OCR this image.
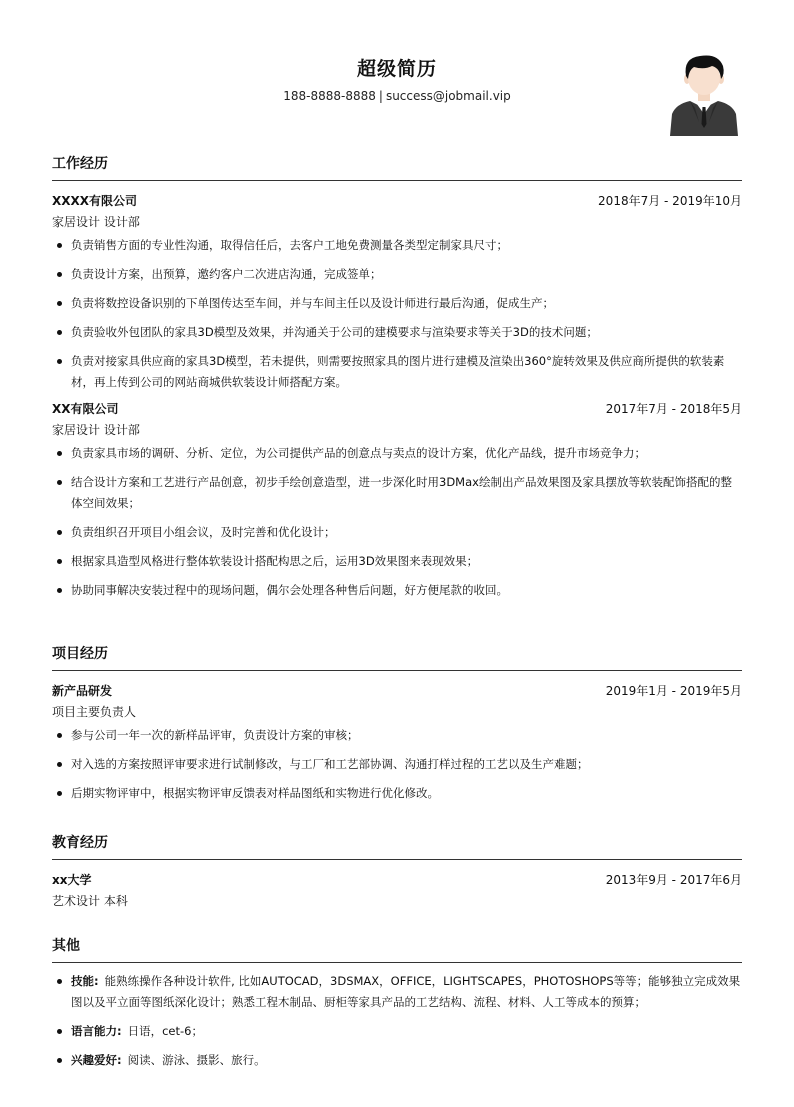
超级简历
188-8888-8888 | success@jobmail.vip
工作经历
XXXX有限公司	2018年7月 - 2019年10月
家居设计 设计部
负责销售方面的专业性沟通，取得信任后，去客户工地免费测量各类型定制家具尺寸；
负责设计方案，出预算，邀约客户二次进店沟通，完成签单；
负责将数控设备识别的下单图传达至车间，并与车间主任以及设计师进行最后沟通，促成生产；
负责验收外包团队的家具3D模型及效果，并沟通关于公司的建模要求与渲染要求等关于3D的技术问题；
负责对接家具供应商的家具3D模型，若未提供，则需要按照家具的图片进行建模及渲染出360°旋转效果及供应商所提供的软装素材，再上传到公司的网站商城供软装设计师搭配方案。
XX有限公司	2017年7月 - 2018年5月
家居设计 设计部
负责家具市场的调研、分析、定位，为公司提供产品的创意点与卖点的设计方案，优化产品线，提升市场竞争力；
结合设计方案和工艺进行产品创意，初步手绘创意造型，进一步深化时用3DMax绘制出产品效果图及家具摆放等软装配饰搭配的整体空间效果；
负责组织召开项目小组会议，及时完善和优化设计；
根据家具造型风格进行整体软装设计搭配构思之后，运用3D效果图来表现效果；
协助同事解决安装过程中的现场问题，偶尔会处理各种售后问题，好方便尾款的收回。
项目经历
新产品研发	2019年1月 - 2019年5月
项目主要负责人
参与公司一年一次的新样品评审，负责设计方案的审核；
对入选的方案按照评审要求进行试制修改，与工厂和工艺部协调、沟通打样过程的工艺以及生产难题；
后期实物评审中，根据实物评审反馈表对样品图纸和实物进行优化修改。
教育经历
xx大学	2013年9月 - 2017年6月
艺术设计 本科
其他
技能: 能熟练操作各种设计软件, 比如AUTOCAD，3DSMAX，OFFICE，LIGHTSCAPES，PHOTOSHOPS等等；能够独立完成效果图以及平立面等图纸深化设计；熟悉工程木制品、厨柜等家具产品的工艺结构、流程、材料、人工等成本的预算；
语言能力: 日语，cet-6；
兴趣爱好: 阅读、游泳、摄影、旅行。
